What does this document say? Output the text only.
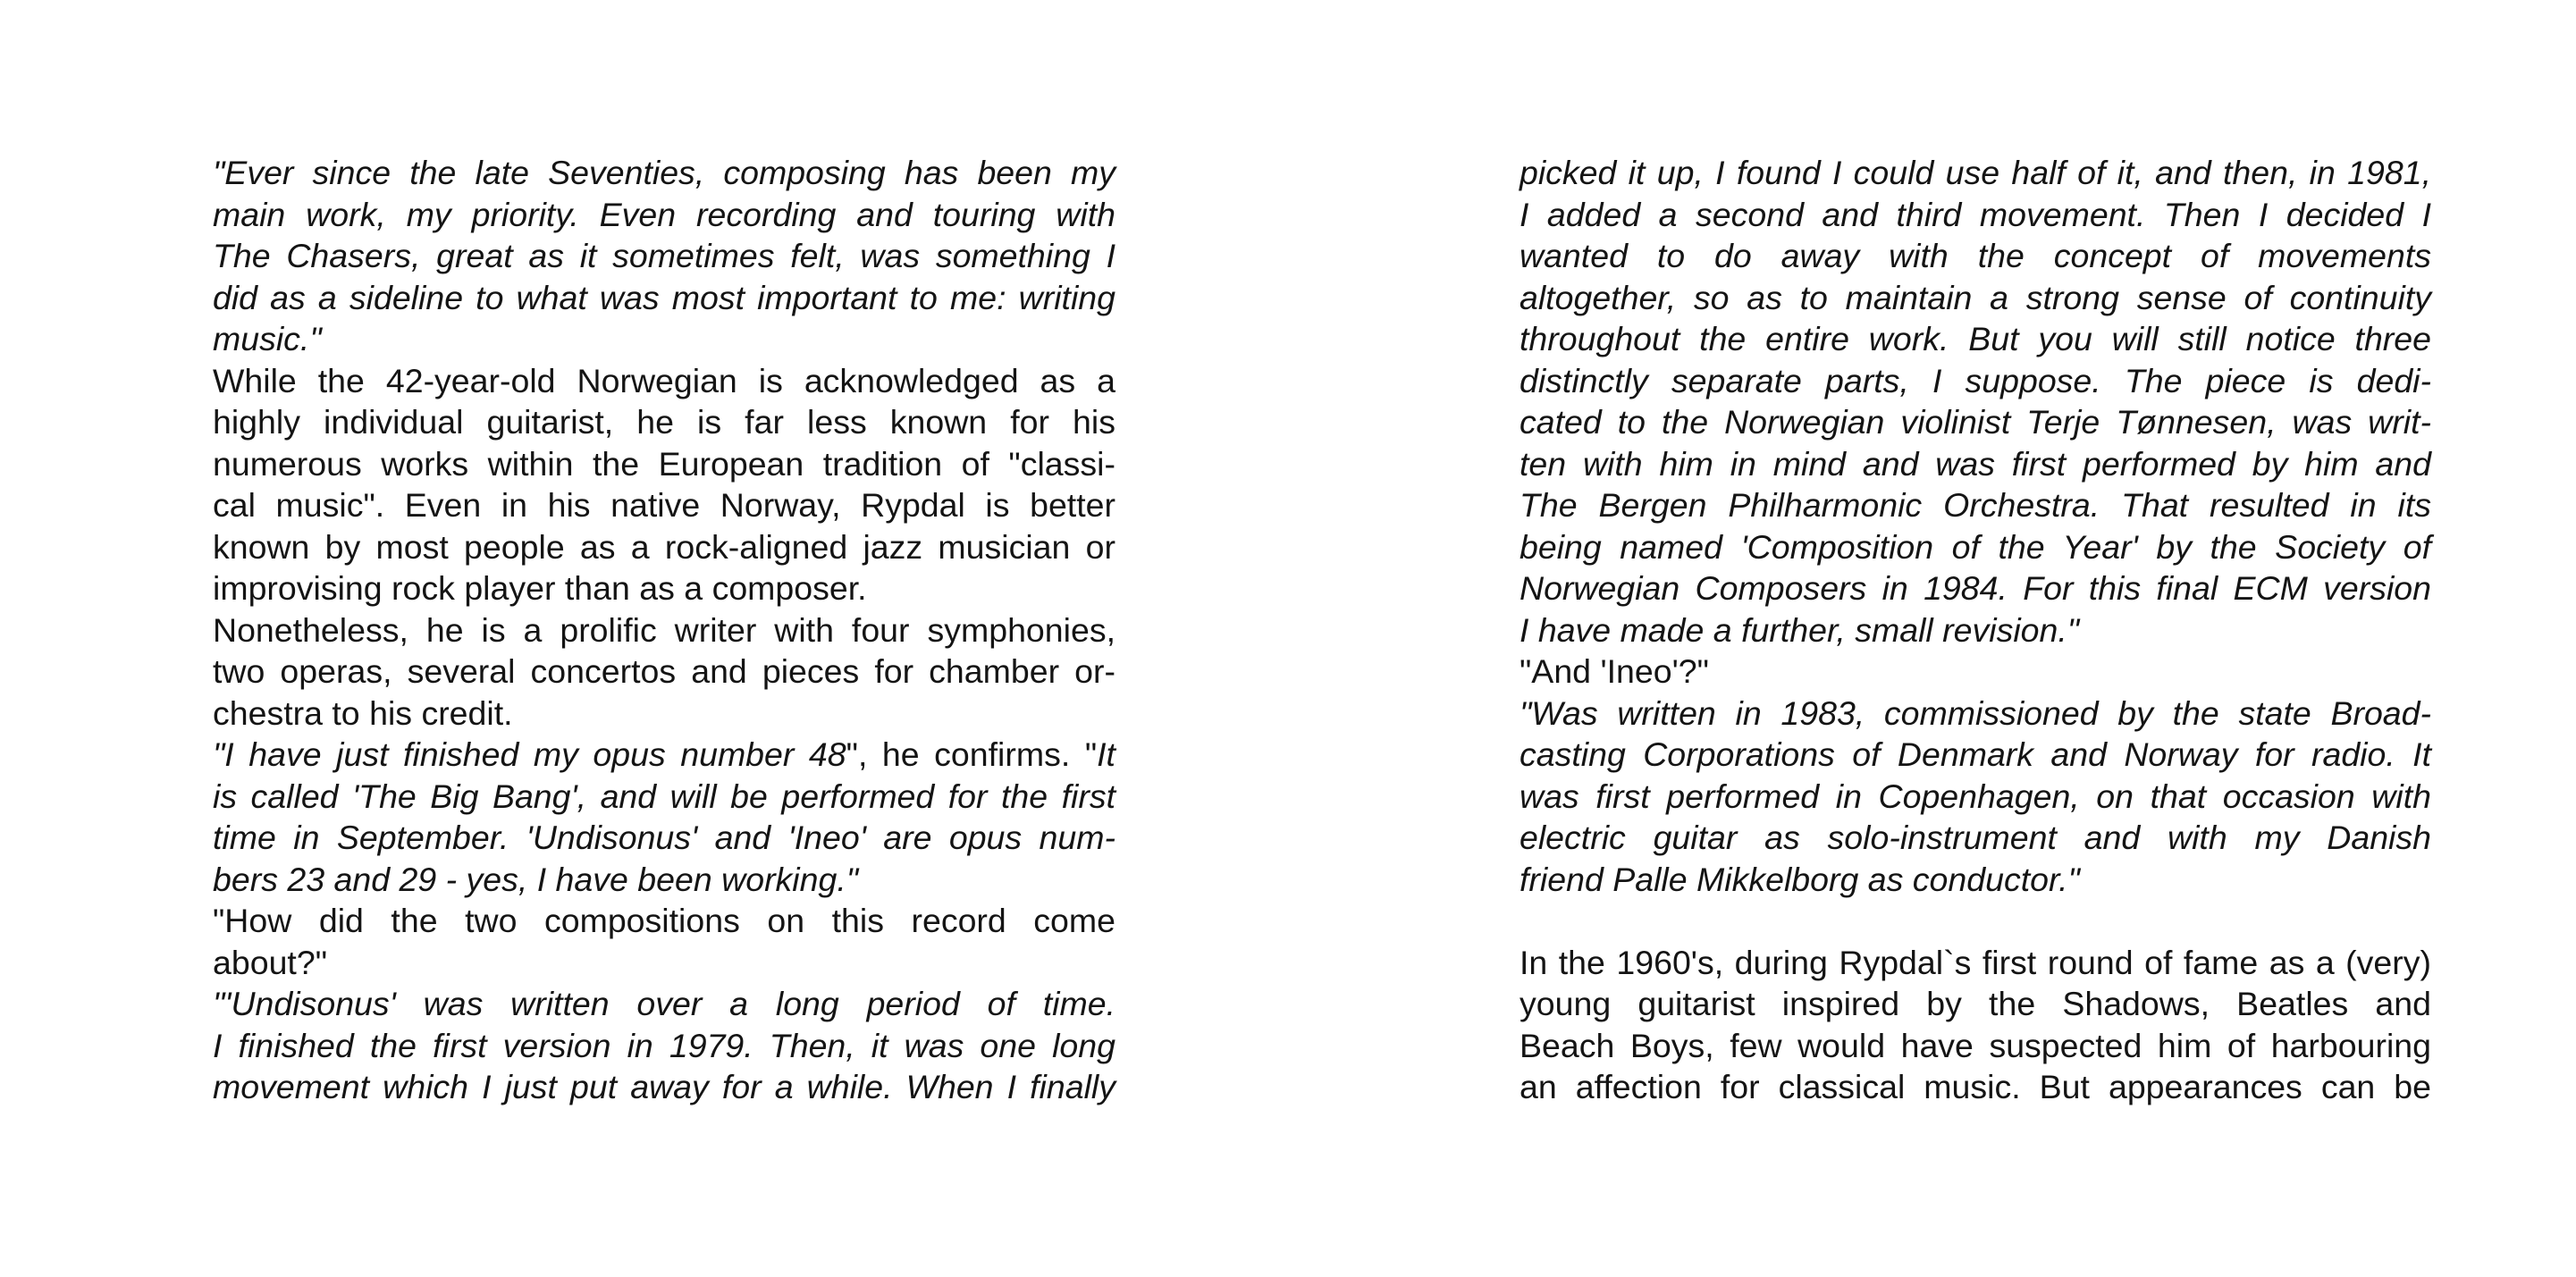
"Ever since the late Seventies, composing has been my
main work, my priority. Even recording and touring with
The Chasers, great as it sometimes felt, was something I
did as a sideline to what was most important to me: writing
music."
While the 42-year-old Norwegian is acknowledged as a
highly individual guitarist, he is far less known for his
numerous works within the European tradition of "classi-
cal music". Even in his native Norway, Rypdal is better
known by most people as a rock-aligned jazz musician or
improvising rock player than as a composer.
Nonetheless, he is a prolific writer with four symphonies,
two operas, several concertos and pieces for chamber or-
chestra to his credit.
"I have just finished my opus number 48", he confirms. "It
is called 'The Big Bang', and will be performed for the first
time in September. 'Undisonus' and 'Ineo' are opus num-
bers 23 and 29 - yes, I have been working."
"How did the two compositions on this record come
about?"
"'Undisonus' was written over a long period of time.
I finished the first version in 1979. Then, it was one long
movement which I just put away for a while. When I finally
picked it up, I found I could use half of it, and then, in 1981,
I added a second and third movement. Then I decided I
wanted to do away with the concept of movements
altogether, so as to maintain a strong sense of continuity
throughout the entire work. But you will still notice three
distinctly separate parts, I suppose. The piece is dedi-
cated to the Norwegian violinist Terje Tønnesen, was writ-
ten with him in mind and was first performed by him and
The Bergen Philharmonic Orchestra. That resulted in its
being named 'Composition of the Year' by the Society of
Norwegian Composers in 1984. For this final ECM version
I have made a further, small revision."
"And 'Ineo'?"
"Was written in 1983, commissioned by the state Broad-
casting Corporations of Denmark and Norway for radio. It
was first performed in Copenhagen, on that occasion with
electric guitar as solo-instrument and with my Danish
friend Palle Mikkelborg as conductor."
In the 1960's, during Rypdal`s first round of fame as a (very)
young guitarist inspired by the Shadows, Beatles and
Beach Boys, few would have suspected him of harbouring
an affection for classical music. But appearances can be
